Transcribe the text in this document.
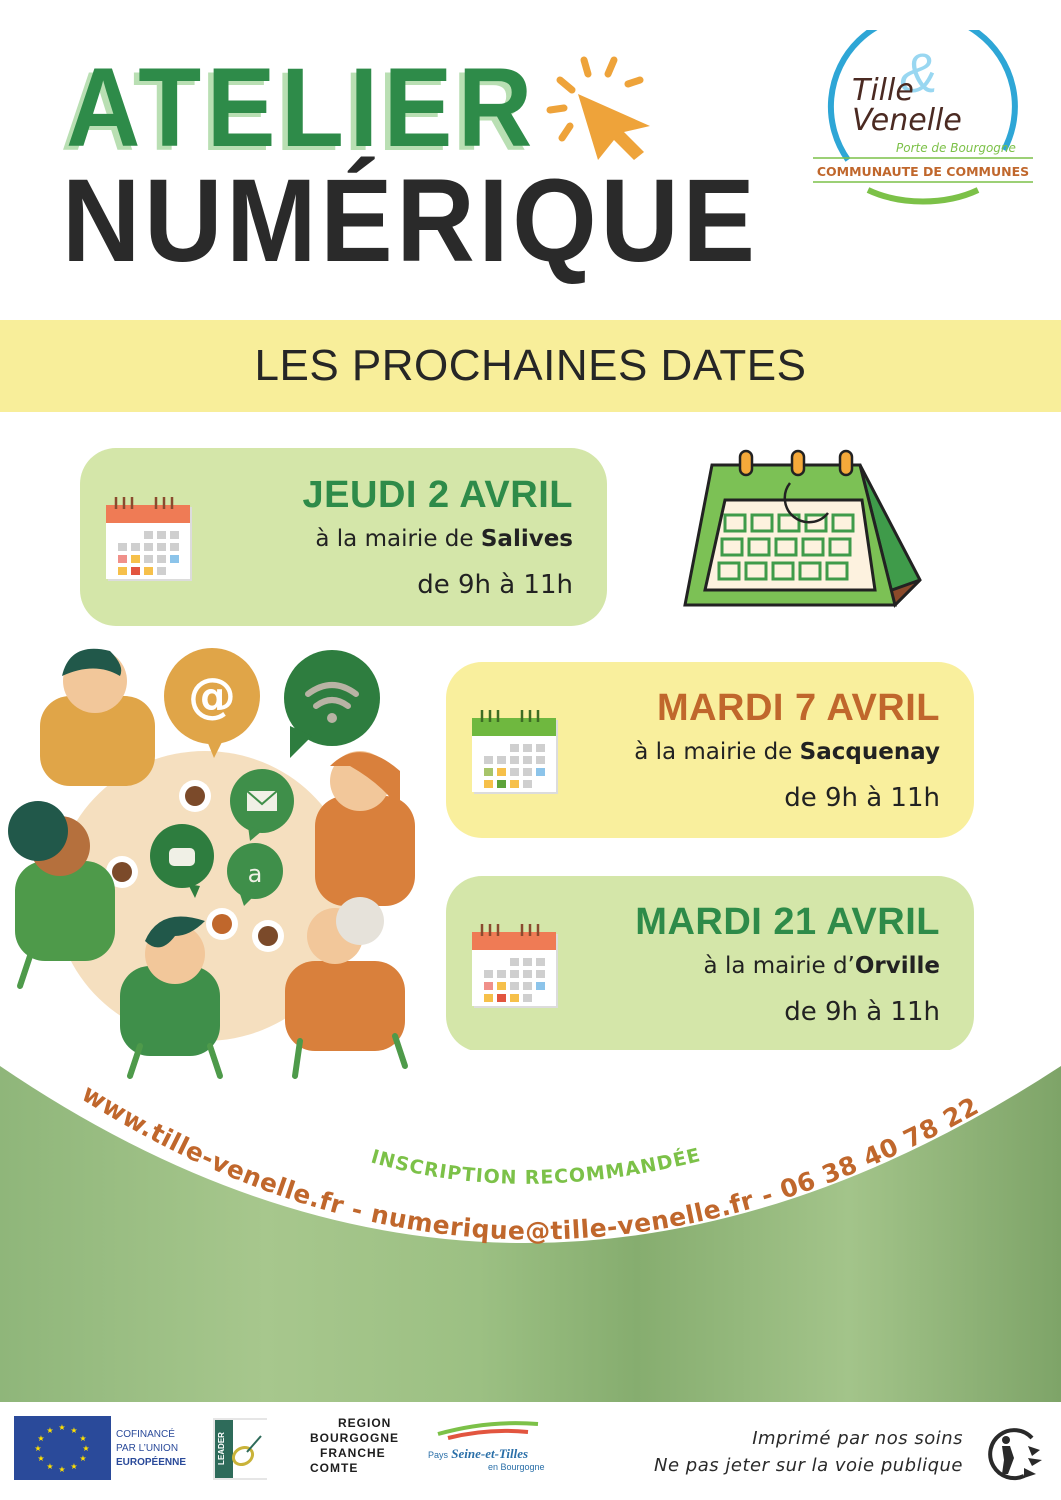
ATELIER
NUMÉRIQUE
&
Tille
Venelle
Porte de Bourgogne
COMMUNAUTE DE COMMUNES
LES PROCHAINES DATES
JEUDI 2 AVRIL
à la mairie de Salives
de 9h à 11h
MARDI 7 AVRIL
à la mairie de Sacquenay
de 9h à 11h
MARDI 21 AVRIL
à la mairie d’Orville
de 9h à 11h
www.tille-venelle.fr - numerique@tille-venelle.fr - 06 38 40 78 22
INSCRIPTION RECOMMANDÉE
@
a
★ ★
★
★
★
★
★
★
★
★
★
★	COFINANCÉ
PAR L’UNION
EUROPÉENNE	LEADER
REGION
BOURGOGNE
FRANCHE
COMTE
Pays Seine-et-Tilles
en Bourgogne
Imprimé par nos soins
Ne pas jeter sur la voie publique
